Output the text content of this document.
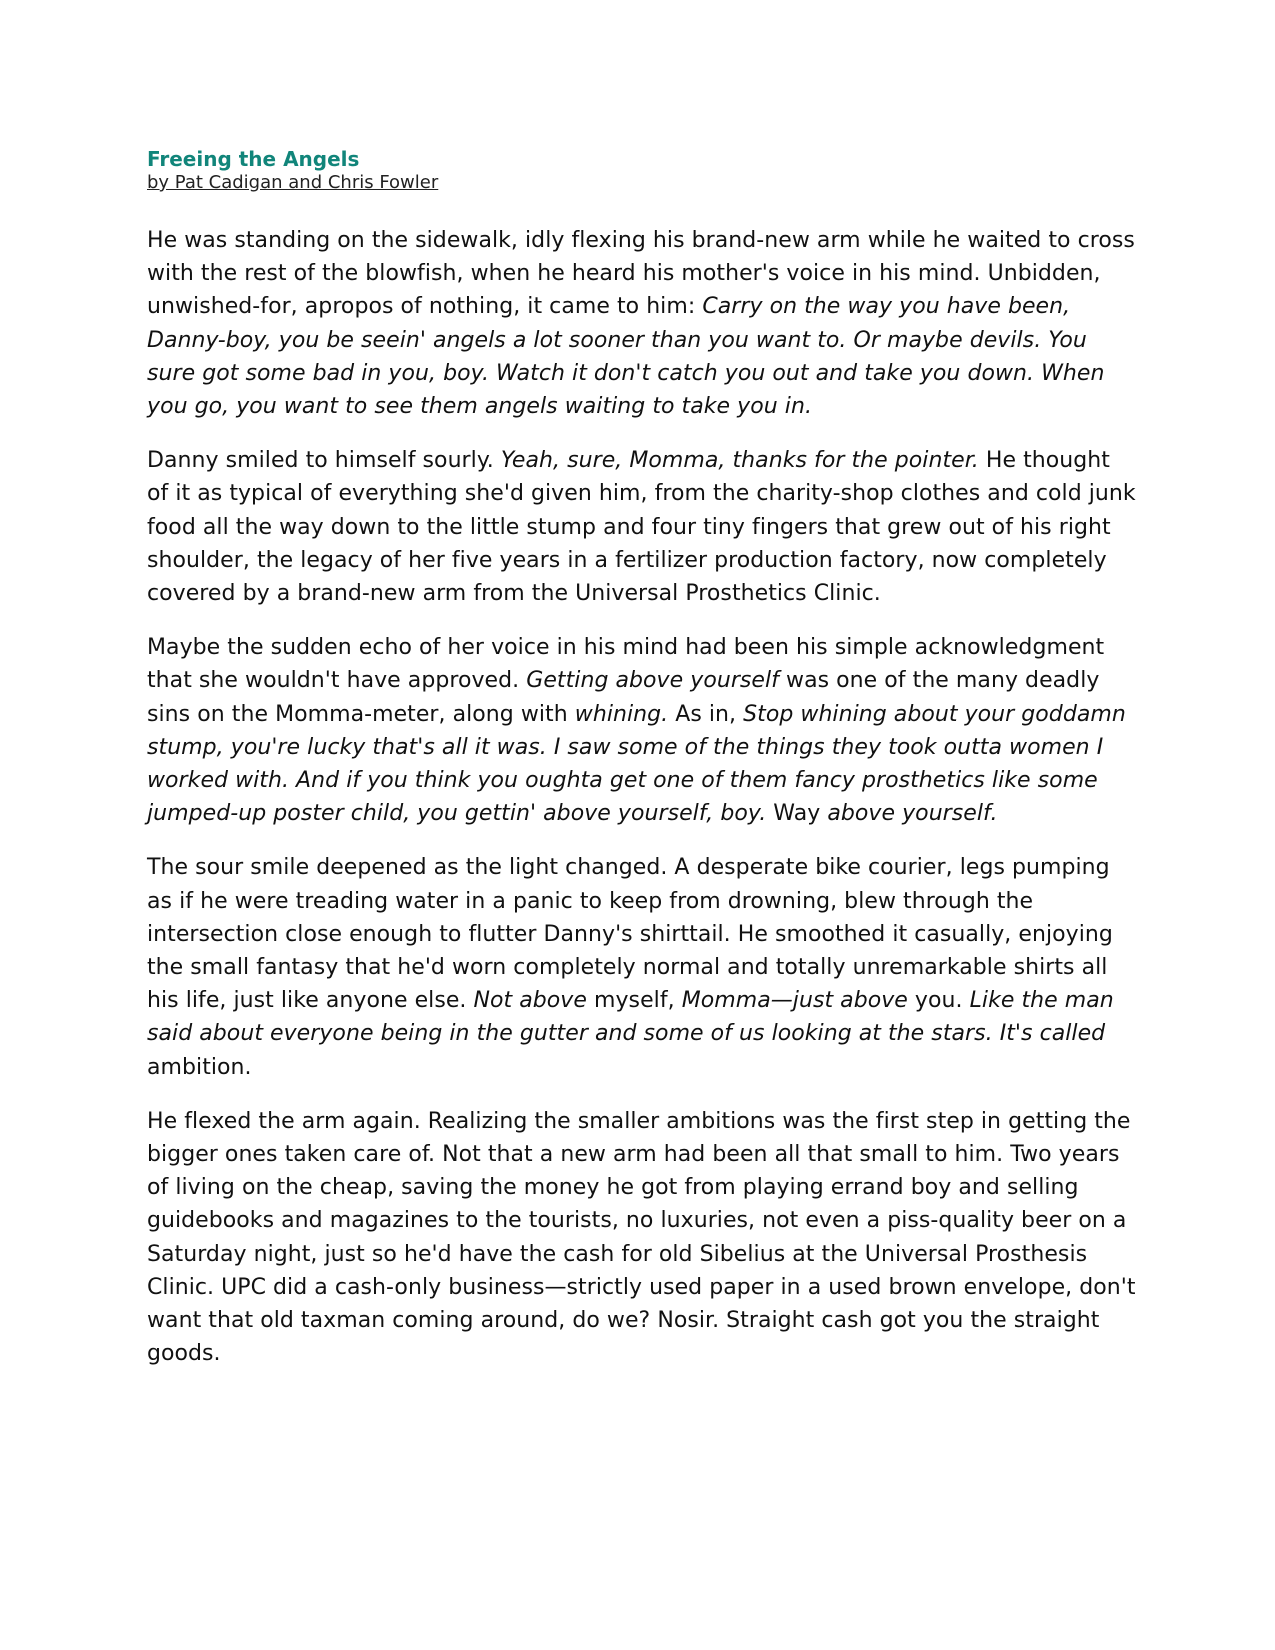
Freeing the Angels
by Pat Cadigan and Chris Fowler

He was standing on the sidewalk, idly flexing his brand-new arm while he waited to cross with the rest of the blowfish, when he heard his mother's voice in his mind. Unbidden, unwished-for, apropos of nothing, it came to him: Carry on the way you have been, Danny-boy, you be seein' angels a lot sooner than you want to. Or maybe devils. You sure got some bad in you, boy. Watch it don't catch you out and take you down. When you go, you want to see them angels waiting to take you in.

Danny smiled to himself sourly. Yeah, sure, Momma, thanks for the pointer. He thought of it as typical of everything she'd given him, from the charity-shop clothes and cold junk food all the way down to the little stump and four tiny fingers that grew out of his right shoulder, the legacy of her five years in a fertilizer production factory, now completely covered by a brand-new arm from the Universal Prosthetics Clinic.

Maybe the sudden echo of her voice in his mind had been his simple acknowledgment that she wouldn't have approved. Getting above yourself was one of the many deadly sins on the Momma-meter, along with whining. As in, Stop whining about your goddamn stump, you're lucky that's all it was. I saw some of the things they took outta women I worked with. And if you think you oughta get one of them fancy prosthetics like some jumped-up poster child, you gettin' above yourself, boy. Way above yourself.

The sour smile deepened as the light changed. A desperate bike courier, legs pumping as if he were treading water in a panic to keep from drowning, blew through the intersection close enough to flutter Danny's shirttail. He smoothed it casually, enjoying the small fantasy that he'd worn completely normal and totally unremarkable shirts all his life, just like anyone else. Not above myself, Momma—just above you. Like the man said about everyone being in the gutter and some of us looking at the stars. It's called ambition.

He flexed the arm again. Realizing the smaller ambitions was the first step in getting the bigger ones taken care of. Not that a new arm had been all that small to him. Two years of living on the cheap, saving the money he got from playing errand boy and selling guidebooks and magazines to the tourists, no luxuries, not even a piss-quality beer on a Saturday night, just so he'd have the cash for old Sibelius at the Universal Prosthesis Clinic. UPC did a cash-only business—strictly used paper in a used brown envelope, don't want that old taxman coming around, do we? Nosir. Straight cash got you the straight goods.
